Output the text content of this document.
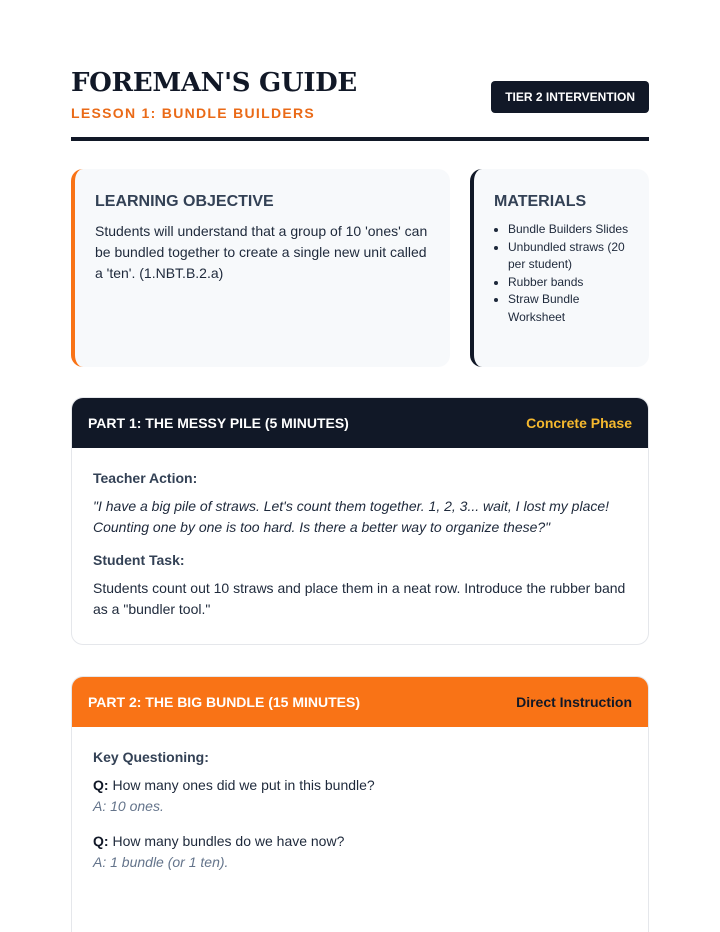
FOREMAN'S GUIDE
LESSON 1: BUNDLE BUILDERS
TIER 2 INTERVENTION
LEARNING OBJECTIVE
Students will understand that a group of 10 'ones' can be bundled together to create a single new unit called a 'ten'. (1.NBT.B.2.a)
MATERIALS
• Bundle Builders Slides
• Unbundled straws (20 per student)
• Rubber bands
• Straw Bundle Worksheet
PART 1: THE MESSY PILE (5 MINUTES)	Concrete Phase
Teacher Action:

"I have a big pile of straws. Let's count them together. 1, 2, 3... wait, I lost my place! Counting one by one is too hard. Is there a better way to organize these?"

Student Task:

Students count out 10 straws and place them in a neat row. Introduce the rubber band as a "bundler tool."

PART 2: THE BIG BUNDLE (15 MINUTES)	Direct Instruction
Key Questioning:
Q: How many ones did we put in this bundle?
A: 10 ones.
Q: How many bundles do we have now?
A: 1 bundle (or 1 ten).
